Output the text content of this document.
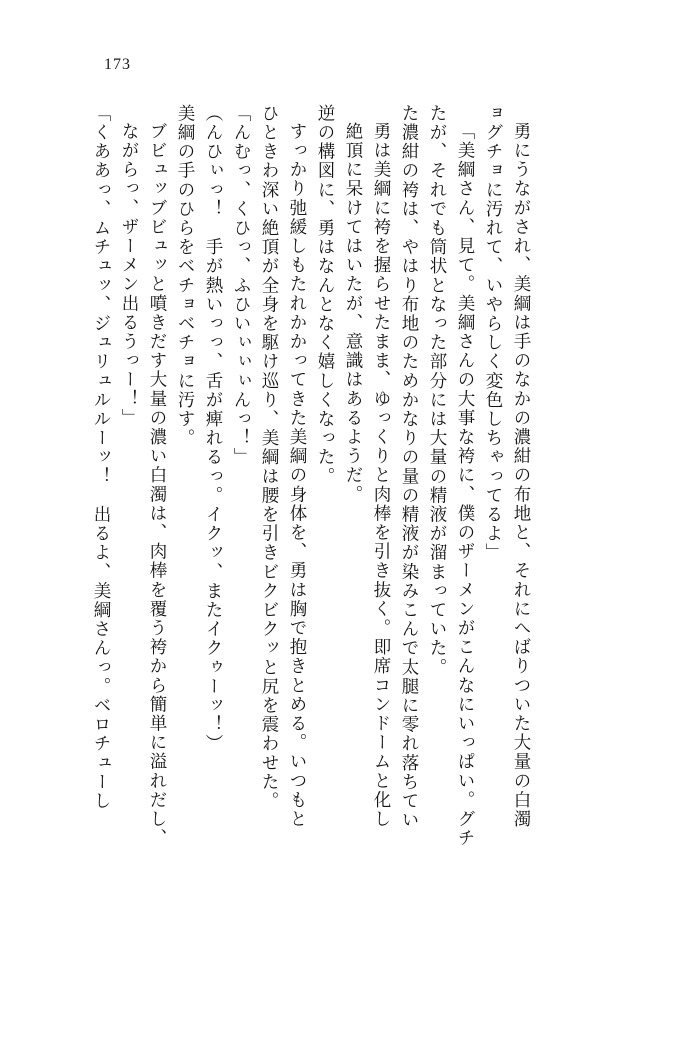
173
「くああっ、ムチュッ、ジュリュルルーッ！　出るよ、美綱さんっ。ベロチューし ながらっ、ザーメン出るうっー！」 ブビュッブビュッと噴きだす大量の濃い白濁は、肉棒を覆う袴から簡単に溢れだし、 美綱の手のひらをベチョベチョに汚す。 （んひぃっ！　手が熱いっっ、舌が痺れるっ。イクッ、またイクゥーッ！） 「んむっ、くひっ、ふひいぃぃぃんっ！」 ひときわ深い絶頂が全身を駆け巡り、美綱は腰を引きビクビクッと尻を震わせた。 すっかり弛緩しもたれかかってきた美綱の身体を、勇は胸で抱きとめる。いつもと 逆の構図に、勇はなんとなく嬉しくなった。 絶頂に呆けてはいたが、意識はあるようだ。 勇は美綱に袴を握らせたまま、ゆっくりと肉棒を引き抜く。即席コンドームと化し た濃紺の袴は、やはり布地のためかなりの量の精液が染みこんで太腿に零れ落ちてい たが、それでも筒状となった部分には大量の精液が溜まっていた。 「美綱さん、見て。美綱さんの大事な袴に、僕のザーメンがこんなにいっぱい。グチ ョグチョに汚れて、いやらしく変色しちゃってるよ」 勇にうながされ、美綱は手のなかの濃紺の布地と、それにへばりついた大量の白濁
